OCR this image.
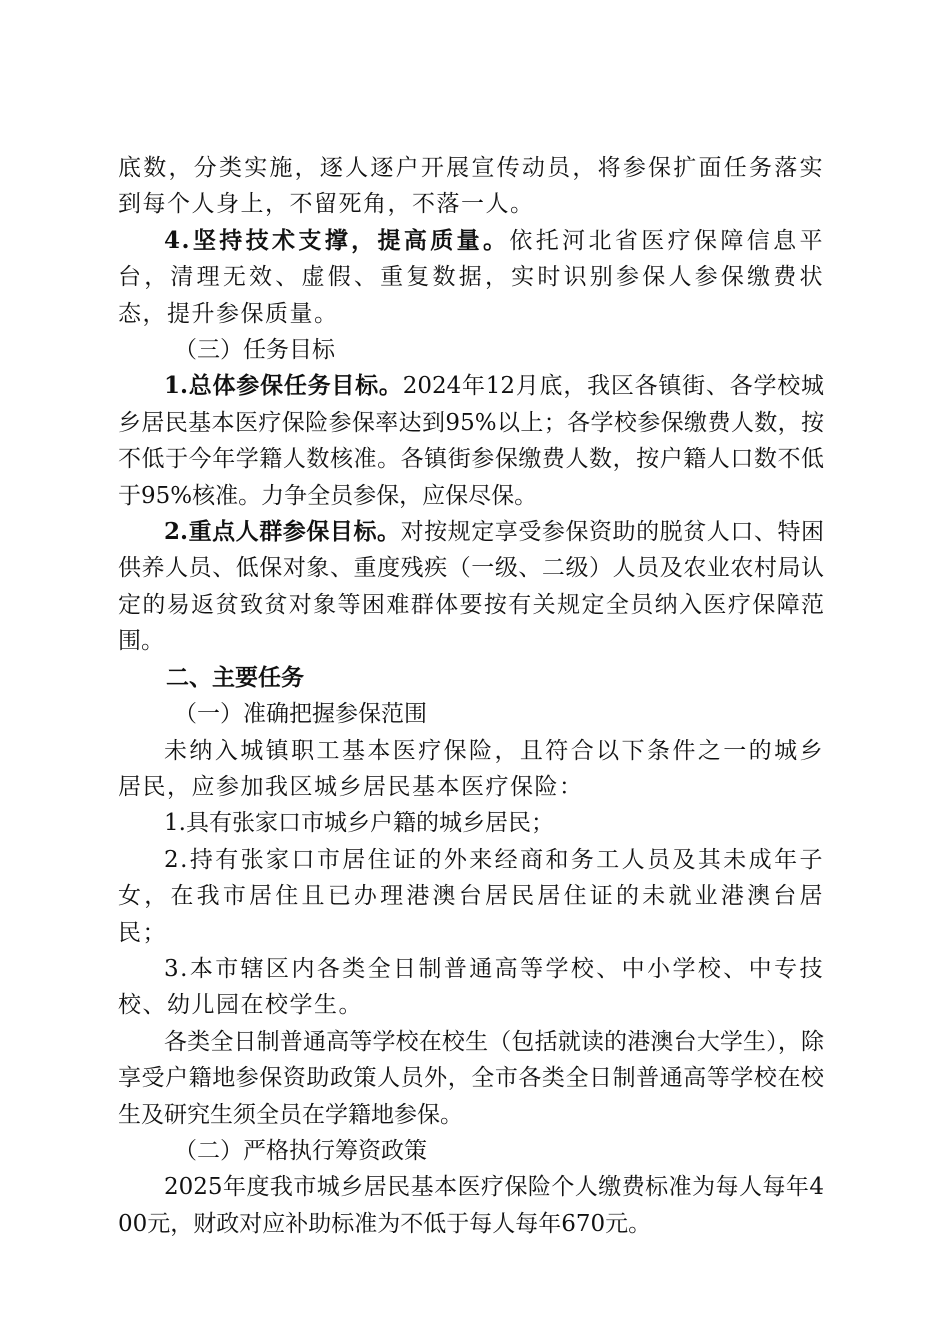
底数，分类实施，逐人逐户开展宣传动员，将参保扩面任务落实到每个人身上，不留死角，不落一人。

4.坚持技术支撑，提高质量。依托河北省医疗保障信息平台，清理无效、虚假、重复数据，实时识别参保人参保缴费状态，提升参保质量。

（三）任务目标

1.总体参保任务目标。2024年12月底，我区各镇街、各学校城乡居民基本医疗保险参保率达到95%以上；各学校参保缴费人数，按不低于今年学籍人数核准。各镇街参保缴费人数，按户籍人口数不低于95%核准。力争全员参保，应保尽保。

2.重点人群参保目标。对按规定享受参保资助的脱贫人口、特困供养人员、低保对象、重度残疾（一级、二级）人员及农业农村局认定的易返贫致贫对象等困难群体要按有关规定全员纳入医疗保障范围。

二、主要任务

（一）准确把握参保范围

未纳入城镇职工基本医疗保险，且符合以下条件之一的城乡居民，应参加我区城乡居民基本医疗保险：

1.具有张家口市城乡户籍的城乡居民；

2.持有张家口市居住证的外来经商和务工人员及其未成年子女，在我市居住且已办理港澳台居民居住证的未就业港澳台居民；

3.本市辖区内各类全日制普通高等学校、中小学校、中专技校、幼儿园在校学生。

各类全日制普通高等学校在校生（包括就读的港澳台大学生），除享受户籍地参保资助政策人员外，全市各类全日制普通高等学校在校生及研究生须全员在学籍地参保。

（二）严格执行筹资政策

2025年度我市城乡居民基本医疗保险个人缴费标准为每人每年400元，财政对应补助标准为不低于每人每年670元。
